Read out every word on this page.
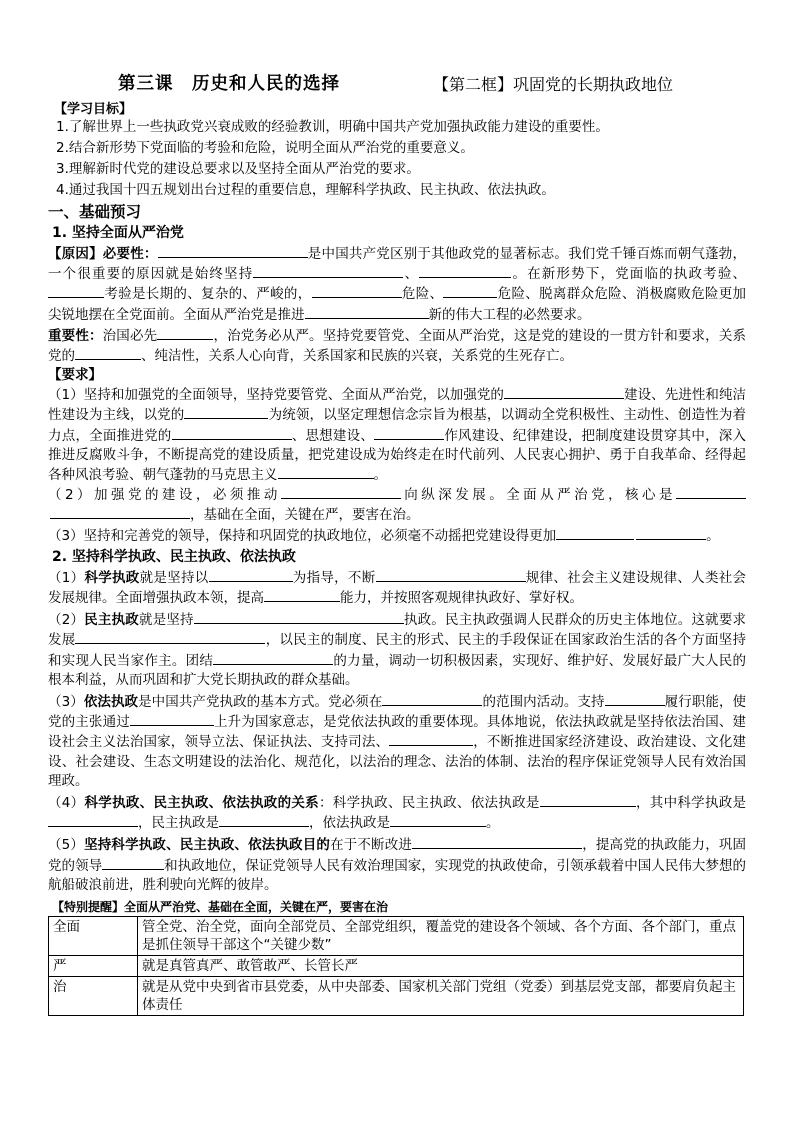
第三课　历史和人民的选择	【第二框】巩固党的长期执政地位
【学习目标】
1.了解世界上一些执政党兴衰成败的经验教训，明确中国共产党加强执政能力建设的重要性。
2.结合新形势下党面临的考验和危险，说明全面从严治党的重要意义。
3.理解新时代党的建设总要求以及坚持全面从严治党的要求。
4.通过我国十四五规划出台过程的重要信息，理解科学执政、民主执政、依法执政。
一、基础预习
1. 坚持全面从严治党

【原因】必要性：	是中国共产党区别于其他政党的显著标志。我们党千锤百炼而朝气蓬勃，一个很重要的原因就是始终坚持	、	。在新形势下，党面临的执政考验、考验是长期的、复杂的、严峻的，	危险、	危险、脱离群众危险、消极腐败危险更加尖锐地摆在全党面前。全面从严治党是推进	新的伟大工程的必然要求。

重要性：治国必先	，治党务必从严。坚持党要管党、全面从严治党，这是党的建设的一贯方针和要求，关系党的	、纯洁性，关系人心向背，关系国家和民族的兴衰，关系党的生死存亡。

【要求】

（1）坚持和加强党的全面领导，坚持党要管党、全面从严治党，以加强党的	建设、先进性和纯洁性建设为主线，以党的	为统领，以坚定理想信念宗旨为根基，以调动全党积极性、主动性、创造性为着力点，全面推进党的	、思想建设、	作风建设、纪律建设，把制度建设贯穿其中，深入推进反腐败斗争，不断提高党的建设质量，把党建设成为始终走在时代前列、人民衷心拥护、勇于自我革命、经得起各种风浪考验、朝气蓬勃的马克思主义	。

（2）加强党的建设，必须推动	向纵深发展。全面从严治党，核心是，基础在全面，关键在严，要害在治。

（3）坚持和完善党的领导，保持和巩固党的执政地位，必须毫不动摇把党建设得更加	。

2. 坚持科学执政、民主执政、依法执政

（1）科学执政就是坚持以	为指导，不断	规律、社会主义建设规律、人类社会发展规律。全面增强执政本领，提高	能力，并按照客观规律执政好、掌好权。

（2）民主执政就是坚持	执政。民主执政强调人民群众的历史主体地位。这就要求发展	，以民主的制度、民主的形式、民主的手段保证在国家政治生活的各个方面坚持和实现人民当家作主。团结	的力量，调动一切积极因素，实现好、维护好、发展好最广大人民的根本利益，从而巩固和扩大党长期执政的群众基础。

（3）依法执政是中国共产党执政的基本方式。党必须在	的范围内活动。支持	履行职能，使党的主张通过	上升为国家意志，是党依法执政的重要体现。具体地说，依法执政就是坚持依法治国、建设社会主义法治国家，领导立法、保证执法、支持司法、	，不断推进国家经济建设、政治建设、文化建设、社会建设、生态文明建设的法治化、规范化，以法治的理念、法治的体制、法治的程序保证党领导人民有效治国理政。

（4）科学执政、民主执政、依法执政的关系：科学执政、民主执政、依法执政是	，其中科学执政是，民主执政是	，依法执政是	。

（5）坚持科学执政、民主执政、依法执政目的在于不断改进	，提高党的执政能力，巩固党的领导	和执政地位，保证党领导人民有效治理国家，实现党的执政使命，引领承载着中国人民伟大梦想的航船破浪前进，胜利驶向光辉的彼岸。

【特别提醒】全面从严治党、基础在全面，关键在严，要害在治
全面	管全党、治全党，面向全部党员、全部党组织，覆盖党的建设各个领域、各个方面、各个部门，重点是抓住领导干部这个“关键少数”
严	就是真管真严、敢管敢严、长管长严
治	就是从党中央到省市县党委，从中央部委、国家机关部门党组（党委）到基层党支部，都要肩负起主体责任
